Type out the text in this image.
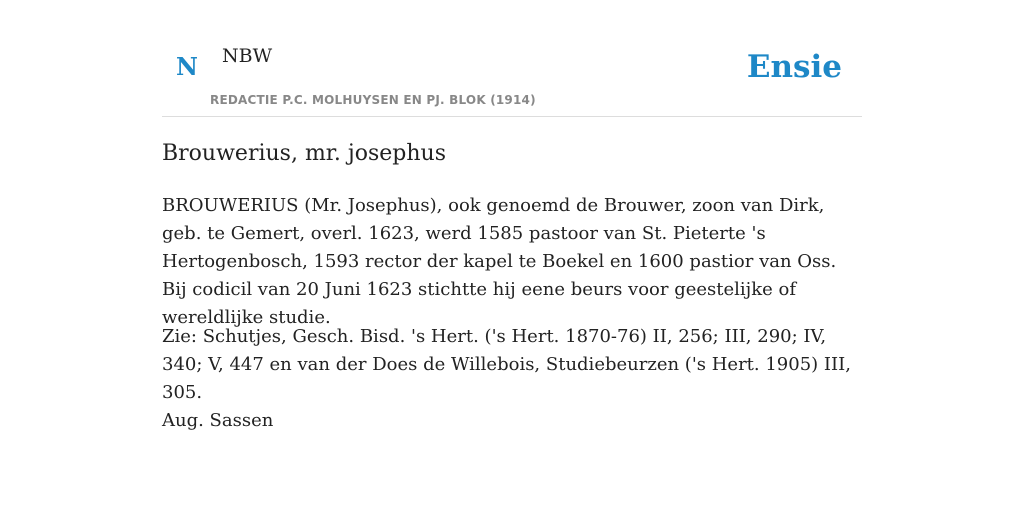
N NBW
REDACTIE P.C. MOLHUYSEN EN PJ. BLOK (1914)
Ensie
Brouwerius, mr. josephus

BROUWERIUS (Mr. Josephus), ook genoemd de Brouwer, zoon van Dirk, geb. te Gemert, overl. 1623, werd 1585 pastoor van St. Pieterte 's Hertogenbosch, 1593 rector der kapel te Boekel en 1600 pastior van Oss. Bij codicil van 20 Juni 1623 stichtte hij eene beurs voor geestelijke of wereldlijke studie.

Zie: Schutjes, Gesch. Bisd. 's Hert. ('s Hert. 1870-76) II, 256; III, 290; IV, 340; V, 447 en van der Does de Willebois, Studiebeurzen ('s Hert. 1905) III, 305.

Aug. Sassen
